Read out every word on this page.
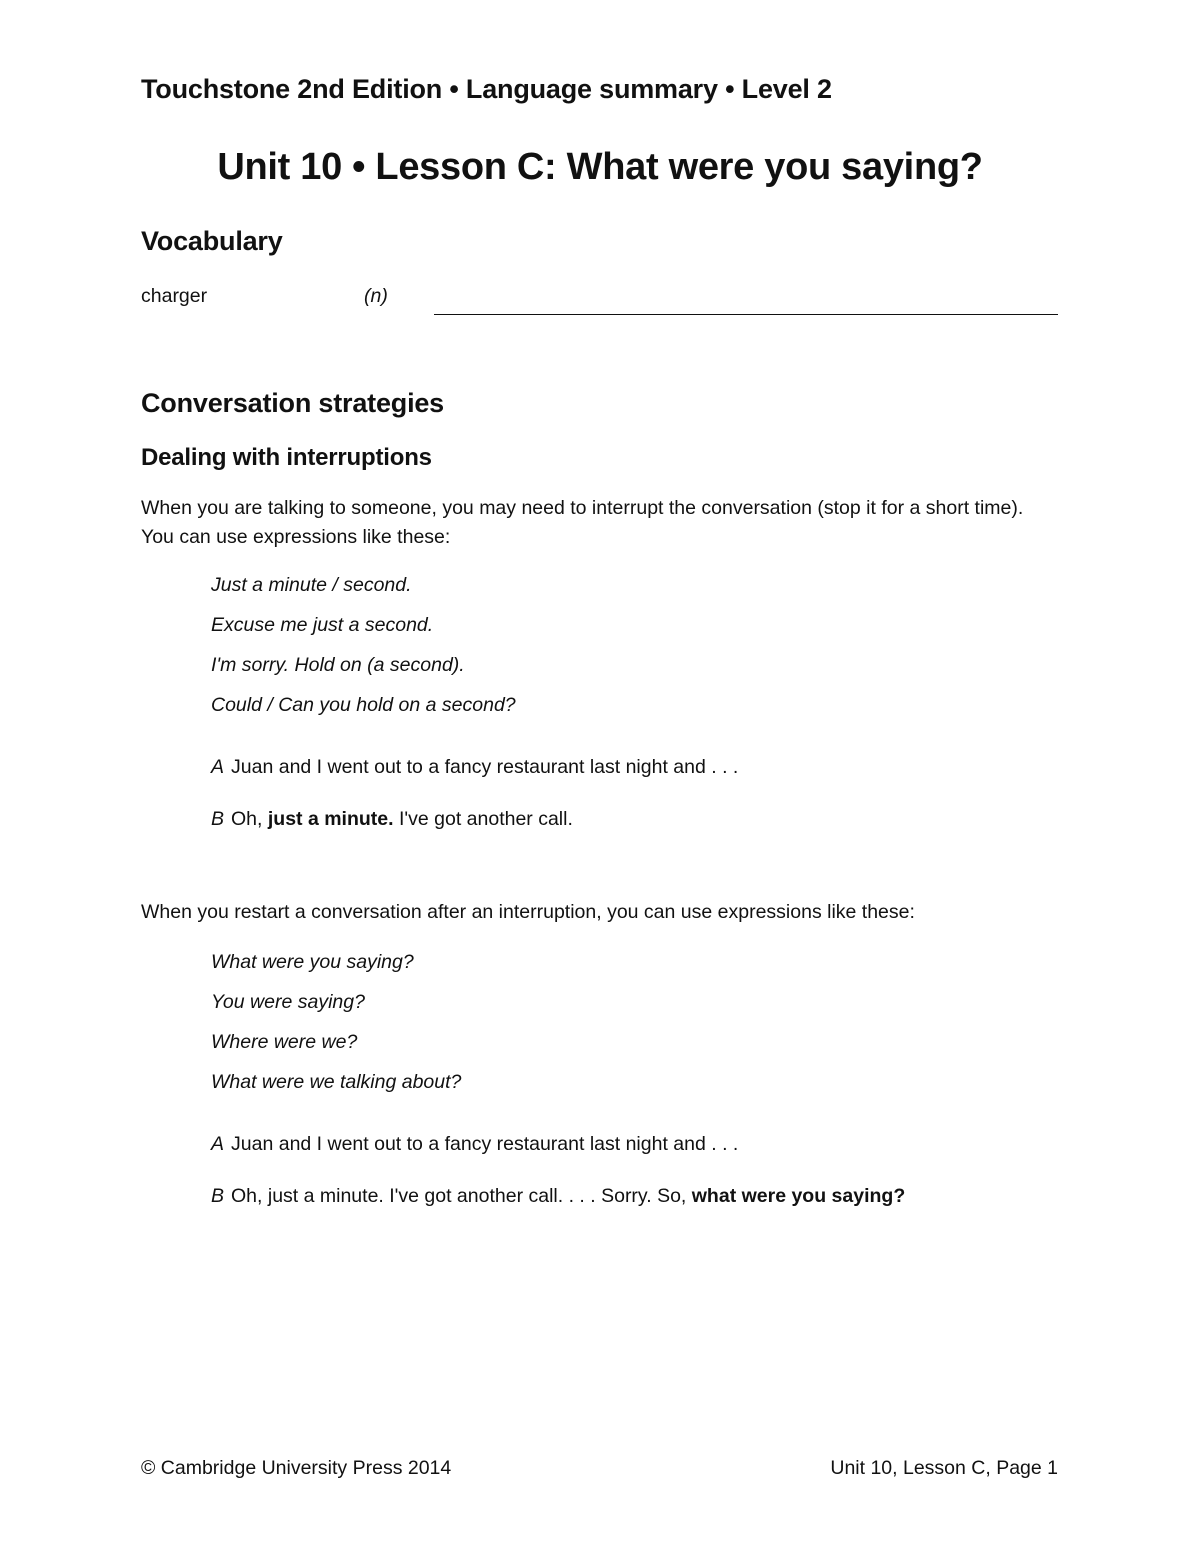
Touchstone 2nd Edition • Language summary • Level 2
Unit 10 • Lesson C: What were you saying?
Vocabulary
charger	(n)
Conversation strategies
Dealing with interruptions
When you are talking to someone, you may need to interrupt the conversation (stop it for a short time). You can use expressions like these:
Just a minute / second.
Excuse me just a second.
I'm sorry. Hold on (a second).
Could / Can you hold on a second?
A Juan and I went out to a fancy restaurant last night and . . .
B Oh, just a minute. I've got another call.
When you restart a conversation after an interruption, you can use expressions like these:
What were you saying?
You were saying?
Where were we?
What were we talking about?
A Juan and I went out to a fancy restaurant last night and . . .
B Oh, just a minute. I've got another call. . . . Sorry. So, what were you saying?
© Cambridge University Press 2014	Unit 10, Lesson C, Page 1
